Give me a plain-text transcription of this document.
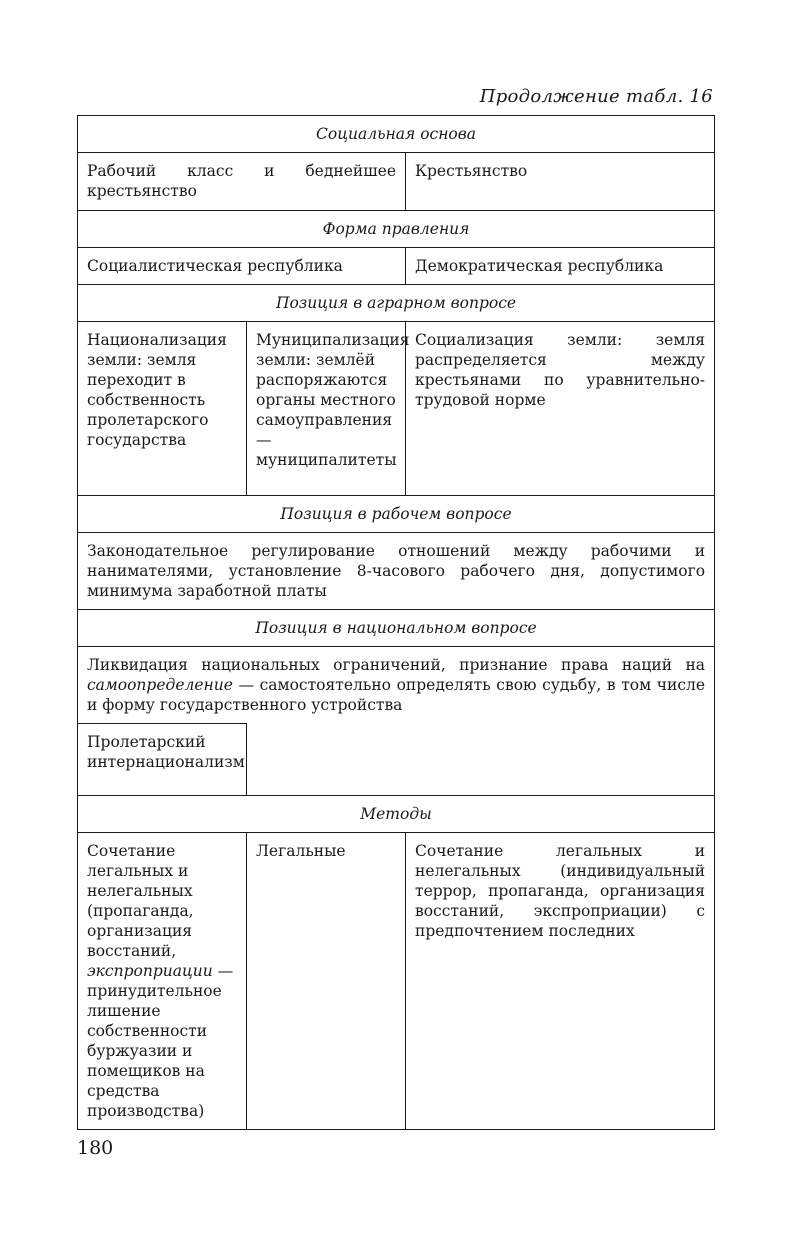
Продолжение табл. 16
Социальная основа		
Рабочий класс и беднейшее крестьянство		Крестьянство
Форма правления		
Социалистическая республика		Демократическая республика
Позиция в аграрном вопросе		
Национализация земли: земля переходит в собственность пролетарского государства	Муниципализация земли: землёй распоряжаются органы местного самоуправления — муниципалитеты	Социализация земли: земля распределяется между крестьянами по уравнительно-трудовой норме
Позиция в рабочем вопросе		
Законодательное регулирование отношений между рабочими и нанимателями, установление 8-часового рабочего дня, допустимого минимума заработной платы		
Позиция в национальном вопросе		
Ликвидация национальных ограничений, признание права наций на самоопределение — самостоятельно определять свою судьбу, в том числе и форму государственного устройства		
Пролетарский интернационализм		
Методы		
Сочетание легальных и нелегальных (пропаганда, организация восстаний, экспроприации — принудительное лишение собственности буржуазии и помещиков на средства производства)	Легальные	Сочетание легальных и нелегальных (индивидуальный террор, пропаганда, организация восстаний, экспроприации) с предпочтением последних
180
